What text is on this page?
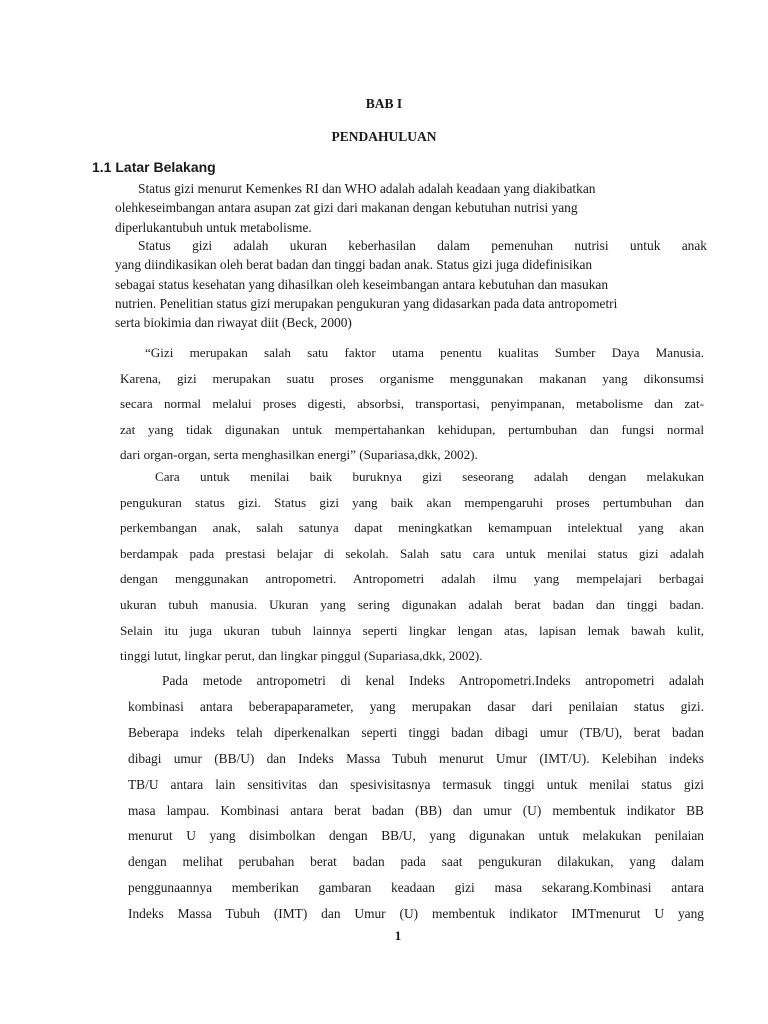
BAB I
PENDAHULUAN
1.1 Latar Belakang
Status gizi menurut Kemenkes RI dan WHO adalah adalah keadaan yang diakibatkan
olehkeseimbangan antara asupan zat gizi dari makanan dengan kebutuhan nutrisi yang
diperlukantubuh untuk metabolisme.
Status gizi adalah ukuran keberhasilan dalam pemenuhan nutrisi untuk anak
yang diindikasikan oleh berat badan dan tinggi badan anak. Status gizi juga didefinisikan
sebagai status kesehatan yang dihasilkan oleh keseimbangan antara kebutuhan dan masukan
nutrien. Penelitian status gizi merupakan pengukuran yang didasarkan pada data antropometri
serta biokimia dan riwayat diit (Beck, 2000)
“Gizi merupakan salah satu faktor utama penentu kualitas Sumber Daya Manusia.
Karena, gizi merupakan suatu proses organisme menggunakan makanan yang dikonsumsi
secara normal melalui proses digesti, absorbsi, transportasi, penyimpanan, metabolisme dan zat-
zat yang tidak digunakan untuk mempertahankan kehidupan, pertumbuhan dan fungsi normal
dari organ-organ, serta menghasilkan energi” (Supariasa,dkk, 2002).
Cara untuk menilai baik buruknya gizi seseorang adalah dengan melakukan
pengukuran status gizi. Status gizi yang baik akan mempengaruhi proses pertumbuhan dan
perkembangan anak, salah satunya dapat meningkatkan kemampuan intelektual yang akan
berdampak pada prestasi belajar di sekolah. Salah satu cara untuk menilai status gizi adalah
dengan menggunakan antropometri. Antropometri adalah ilmu yang mempelajari berbagai
ukuran tubuh manusia. Ukuran yang sering digunakan adalah berat badan dan tinggi badan.
Selain itu juga ukuran tubuh lainnya seperti lingkar lengan atas, lapisan lemak bawah kulit,
tinggi lutut, lingkar perut, dan lingkar pinggul (Supariasa,dkk, 2002).
Pada metode antropometri di kenal Indeks Antropometri.Indeks antropometri adalah
kombinasi antara beberapaparameter, yang merupakan dasar dari penilaian status gizi.
Beberapa indeks telah diperkenalkan seperti tinggi badan dibagi umur (TB/U), berat badan
dibagi umur (BB/U) dan Indeks Massa Tubuh menurut Umur (IMT/U). Kelebihan indeks
TB/U antara lain sensitivitas dan spesivisitasnya termasuk tinggi untuk menilai status gizi
masa lampau. Kombinasi antara berat badan (BB) dan umur (U) membentuk indikator BB
menurut U yang disimbolkan dengan BB/U, yang digunakan untuk melakukan penilaian
dengan melihat perubahan berat badan pada saat pengukuran dilakukan, yang dalam
penggunaannya memberikan gambaran keadaan gizi masa sekarang.Kombinasi antara
Indeks Massa Tubuh (IMT) dan Umur (U) membentuk indikator IMTmenurut U yang
1
